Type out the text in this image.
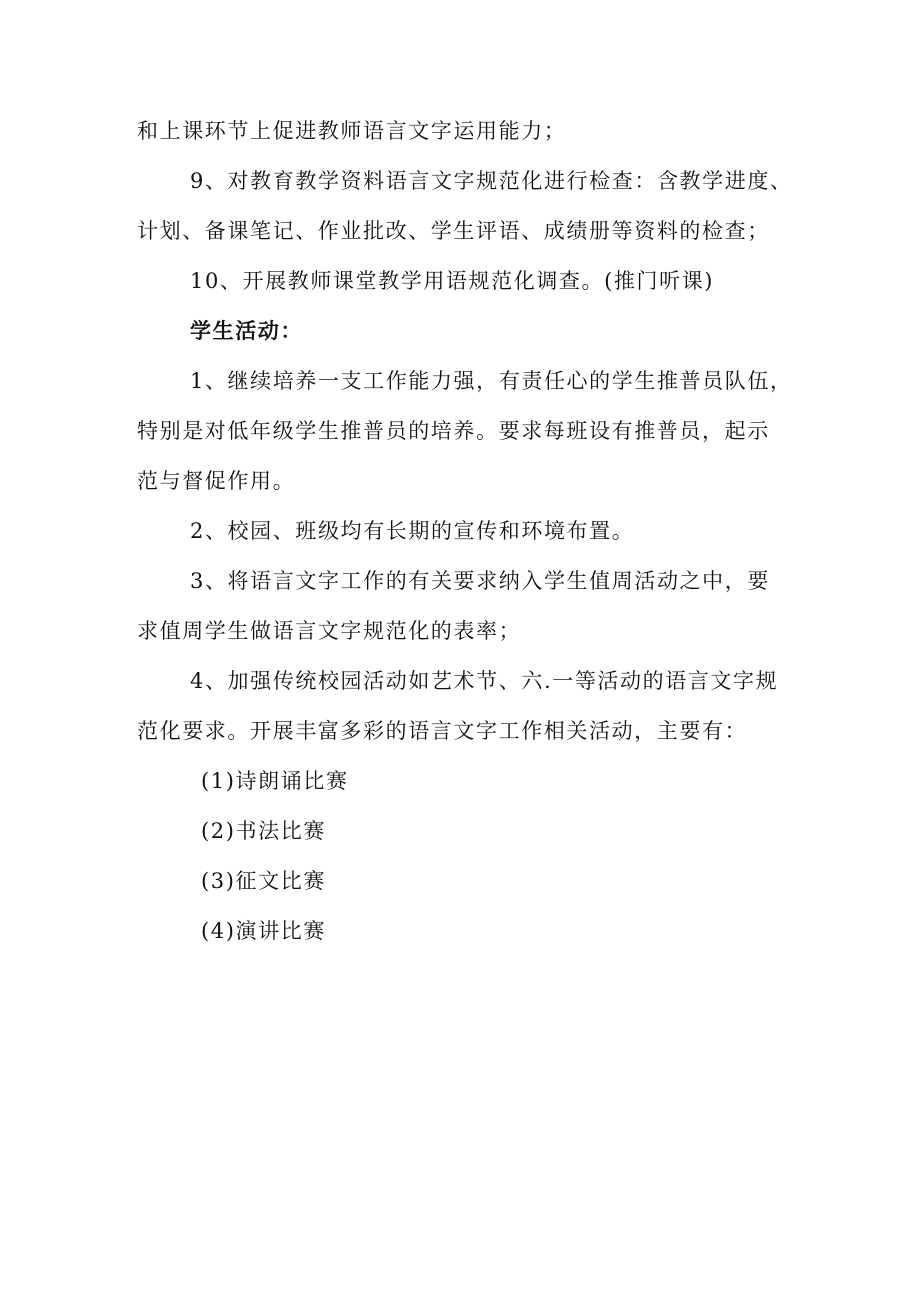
和上课环节上促进教师语言文字运用能力；
9、对教育教学资料语言文字规范化进行检查：含教学进度、
计划、备课笔记、作业批改、学生评语、成绩册等资料的检查；
10、开展教师课堂教学用语规范化调查。(推门听课)
学生活动：
1、继续培养一支工作能力强，有责任心的学生推普员队伍，
特别是对低年级学生推普员的培养。要求每班设有推普员，起示
范与督促作用。
2、校园、班级均有长期的宣传和环境布置。
3、将语言文字工作的有关要求纳入学生值周活动之中，要
求值周学生做语言文字规范化的表率；
4、加强传统校园活动如艺术节、六.一等活动的语言文字规
范化要求。开展丰富多彩的语言文字工作相关活动，主要有：
(1)诗朗诵比赛
(2)书法比赛
(3)征文比赛
(4)演讲比赛
